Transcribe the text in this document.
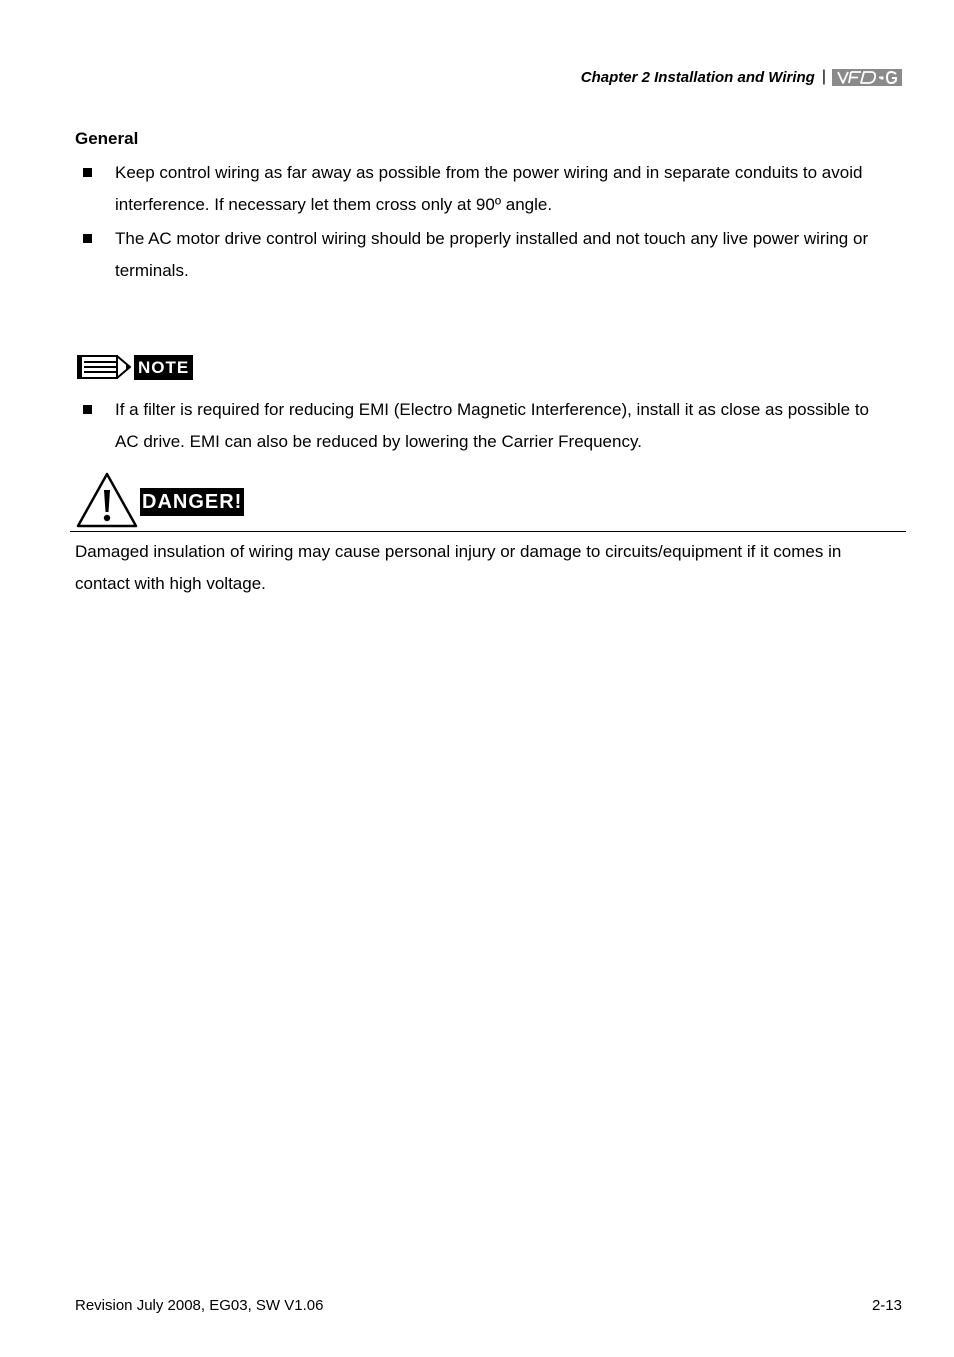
Chapter 2 Installation and Wiring |
General
Keep control wiring as far away as possible from the power wiring and in separate conduits to avoid interference. If necessary let them cross only at 90º angle.
The AC motor drive control wiring should be properly installed and not touch any live power wiring or terminals.
NOTE
If a filter is required for reducing EMI (Electro Magnetic Interference), install it as close as possible to AC drive. EMI can also be reduced by lowering the Carrier Frequency.
DANGER!
Damaged insulation of wiring may cause personal injury or damage to circuits/equipment if it comes in contact with high voltage.
Revision July 2008, EG03, SW V1.06	2-13
